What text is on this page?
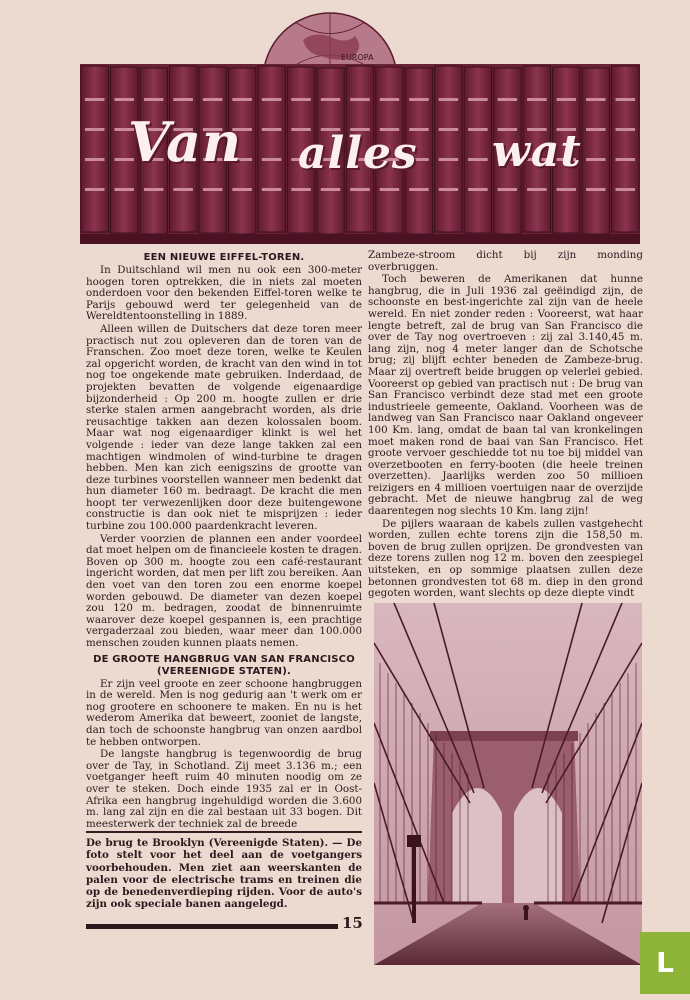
EUROPA
Van alles wat
EEN NIEUWE EIFFEL-TOREN.

In Duitschland wil men nu ook een 300-meter hoogen toren optrekken, die in niets zal moeten onderdoen voor den bekenden Eiffel-toren welke te Parijs gebouwd werd ter gelegenheid van de Wereldtentoonstelling in 1889.

Alleen willen de Duitschers dat deze toren meer practisch nut zou opleveren dan de toren van de Franschen. Zoo moet deze toren, welke te Keulen zal opgericht worden, de kracht van den wind in tot nog toe ongekende mate gebruiken. Inderdaad, de projekten bevatten de volgende eigenaardige bijzonderheid : Op 200 m. hoogte zullen er drie sterke stalen armen aangebracht worden, als drie reusachtige takken aan dezen kolossalen boom. Maar wat nog eigenaardiger klinkt is wel het volgende : ieder van deze lange takken zal een machtigen windmolen of wind-turbine te dragen hebben. Men kan zich eenigszins de grootte van deze turbines voorstellen wanneer men bedenkt dat hun diameter 160 m. bedraagt. De kracht die men hoopt ter verwezenlijken door deze buitengewone constructie is dan ook niet te misprijzen : ieder turbine zou 100.000 paardenkracht leveren.

Verder voorzien de plannen een ander voordeel dat moet helpen om de financieele kosten te dragen. Boven op 300 m. hoogte zou een café-restaurant ingericht worden, dat men per lift zou bereiken. Aan den voet van den toren zou een enorme koepel worden gebouwd. De diameter van dezen koepel zou 120 m. bedragen, zoodat de binnenruimte waarover deze koepel gespannen is, een prachtige vergaderzaal zou bieden, waar meer dan 100.000 menschen zouden kunnen plaats nemen.

DE GROOTE HANGBRUG VAN SAN FRANCISCO
(VEREENIGDE STATEN).

Er zijn veel groote en zeer schoone hangbruggen in de wereld. Men is nog gedurig aan 't werk om er nog grootere en schoonere te maken. En nu is het wederom Amerika dat beweert, zooniet de langste, dan toch de schoonste hangbrug van onzen aardbol te hebben ontworpen.

De langste hangbrug is tegenwoordig de brug over de Tay, in Schotland. Zij meet 3.136 m.; een voetganger heeft ruim 40 minuten noodig om ze over te steken. Doch einde 1935 zal er in Oost-Afrika een hangbrug ingehuldigd worden die 3.600 m. lang zal zijn en die zal bestaan uit 33 bogen. Dit meesterwerk der techniek zal de breede

De brug te Brooklyn (Vereenigde Staten). — De foto stelt voor het deel aan de voetgangers voorbehouden. Men ziet aan weerskanten de palen voor de electrische trams en treinen die op de benedenverdieping rijden. Voor de auto's zijn ook speciale banen aangelegd.

Zambeze-stroom dicht bij zijn monding overbruggen.

Toch beweren de Amerikanen dat hunne hangbrug, die in Juli 1936 zal geëindigd zijn, de schoonste en best-ingerichte zal zijn van de heele wereld. En niet zonder reden : Vooreerst, wat haar lengte betreft, zal de brug van San Francisco die over de Tay nog overtroeven : zij zal 3.140,45 m. lang zijn, nog 4 meter langer dan de Schotsche brug; zij blijft echter beneden de Zambeze-brug. Maar zij overtreft beide bruggen op velerlei gebied. Vooreerst op gebied van practisch nut : De brug van San Francisco verbindt deze stad met een groote industrieele gemeente, Oakland. Voorheen was de landweg van San Francisco naar Oakland ongeveer 100 Km. lang, omdat de baan tal van kronkelingen moet maken rond de baai van San Francisco. Het groote vervoer geschiedde tot nu toe bij middel van overzetbooten en ferry-booten (die heele treinen overzetten). Jaarlijks werden zoo 50 millioen reizigers en 4 millioen voertuigen naar de overzijde gebracht. Met de nieuwe hangbrug zal de weg daarentegen nog slechts 10 Km. lang zijn!

De pijlers waaraan de kabels zullen vastgehecht worden, zullen echte torens zijn die 158,50 m. boven de brug zullen oprijzen. De grondvesten van deze torens zullen nog 12 m. boven den zeespiegel uitsteken, en op sommige plaatsen zullen deze betonnen grondvesten tot 68 m. diep in den grond gegoten worden, want slechts op deze diepte vindt

15
L
